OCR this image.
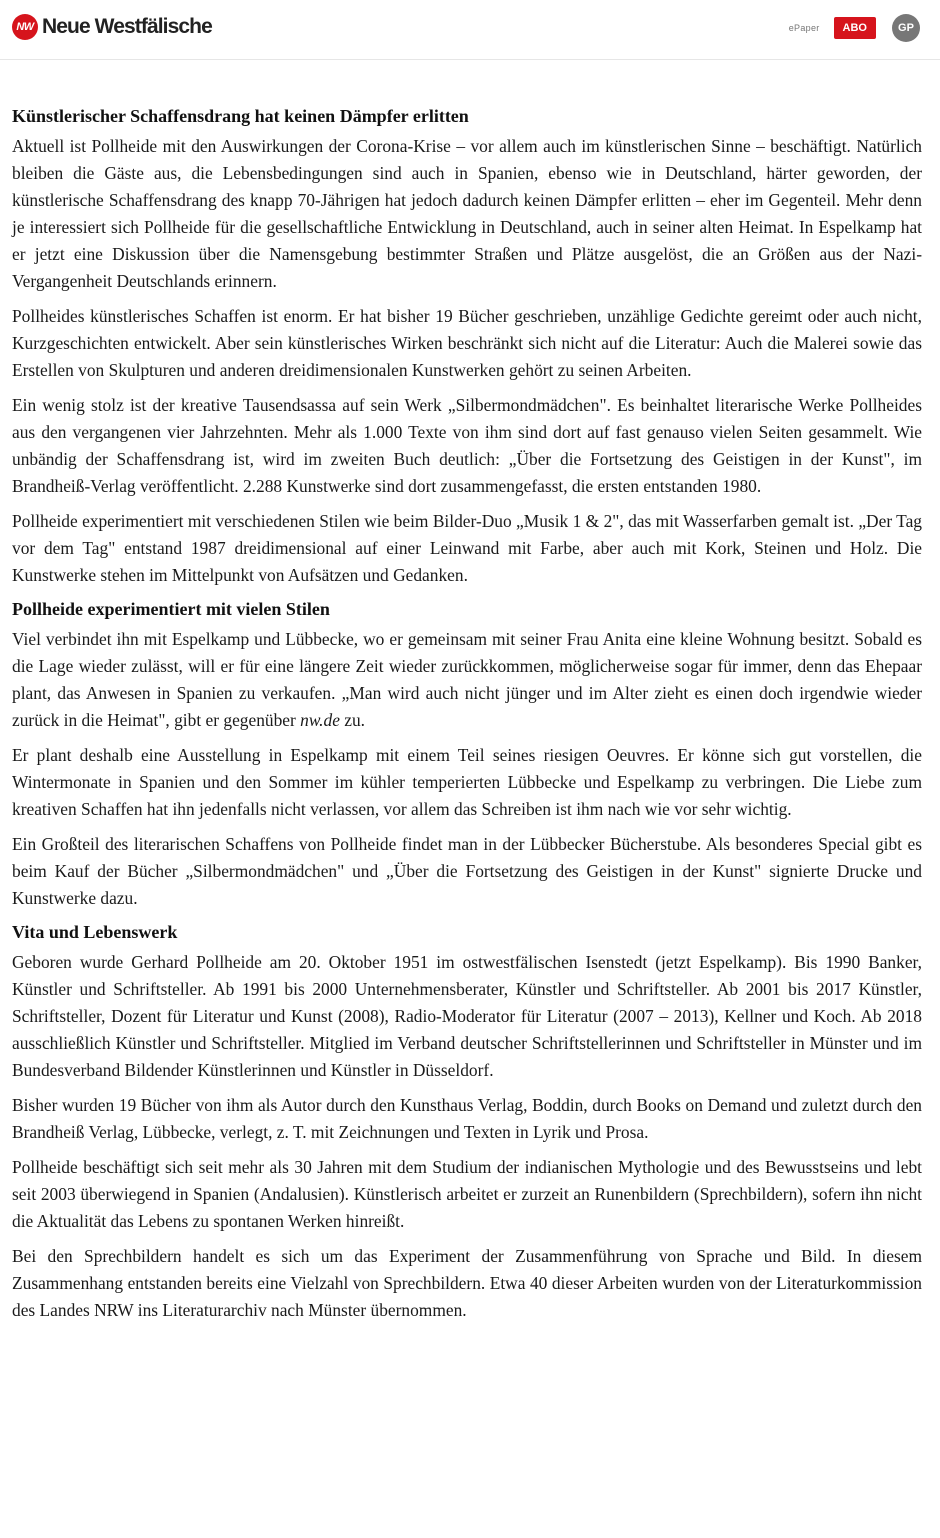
NW Neue Westfälische	ePaper	ABO	GP
Künstlerischer Schaffensdrang hat keinen Dämpfer erlitten

Aktuell ist Pollheide mit den Auswirkungen der Corona-Krise – vor allem auch im künstlerischen Sinne – beschäftigt. Natürlich bleiben die Gäste aus, die Lebensbedingungen sind auch in Spanien, ebenso wie in Deutschland, härter geworden, der künstlerische Schaffensdrang des knapp 70-Jährigen hat jedoch dadurch keinen Dämpfer erlitten – eher im Gegenteil. Mehr denn je interessiert sich Pollheide für die gesellschaftliche Entwicklung in Deutschland, auch in seiner alten Heimat. In Espelkamp hat er jetzt eine Diskussion über die Namensgebung bestimmter Straßen und Plätze ausgelöst, die an Größen aus der Nazi-Vergangenheit Deutschlands erinnern.

Pollheides künstlerisches Schaffen ist enorm. Er hat bisher 19 Bücher geschrieben, unzählige Gedichte gereimt oder auch nicht, Kurzgeschichten entwickelt. Aber sein künstlerisches Wirken beschränkt sich nicht auf die Literatur: Auch die Malerei sowie das Erstellen von Skulpturen und anderen dreidimensionalen Kunstwerken gehört zu seinen Arbeiten.

Ein wenig stolz ist der kreative Tausendsassa auf sein Werk „Silbermondmädchen". Es beinhaltet literarische Werke Pollheides aus den vergangenen vier Jahrzehnten. Mehr als 1.000 Texte von ihm sind dort auf fast genauso vielen Seiten gesammelt. Wie unbändig der Schaffensdrang ist, wird im zweiten Buch deutlich: „Über die Fortsetzung des Geistigen in der Kunst", im Brandheiß-Verlag veröffentlicht. 2.288 Kunstwerke sind dort zusammengefasst, die ersten entstanden 1980.

Pollheide experimentiert mit verschiedenen Stilen wie beim Bilder-Duo „Musik 1 & 2", das mit Wasserfarben gemalt ist. „Der Tag vor dem Tag" entstand 1987 dreidimensional auf einer Leinwand mit Farbe, aber auch mit Kork, Steinen und Holz. Die Kunstwerke stehen im Mittelpunkt von Aufsätzen und Gedanken.

Pollheide experimentiert mit vielen Stilen

Viel verbindet ihn mit Espelkamp und Lübbecke, wo er gemeinsam mit seiner Frau Anita eine kleine Wohnung besitzt. Sobald es die Lage wieder zulässt, will er für eine längere Zeit wieder zurückkommen, möglicherweise sogar für immer, denn das Ehepaar plant, das Anwesen in Spanien zu verkaufen. „Man wird auch nicht jünger und im Alter zieht es einen doch irgendwie wieder zurück in die Heimat", gibt er gegenüber nw.de zu.

Er plant deshalb eine Ausstellung in Espelkamp mit einem Teil seines riesigen Oeuvres. Er könne sich gut vorstellen, die Wintermonate in Spanien und den Sommer im kühler temperierten Lübbecke und Espelkamp zu verbringen. Die Liebe zum kreativen Schaffen hat ihn jedenfalls nicht verlassen, vor allem das Schreiben ist ihm nach wie vor sehr wichtig.

Ein Großteil des literarischen Schaffens von Pollheide findet man in der Lübbecker Bücherstube. Als besonderes Special gibt es beim Kauf der Bücher „Silbermondmädchen" und „Über die Fortsetzung des Geistigen in der Kunst" signierte Drucke und Kunstwerke dazu.

Vita und Lebenswerk

Geboren wurde Gerhard Pollheide am 20. Oktober 1951 im ostwestfälischen Isenstedt (jetzt Espelkamp). Bis 1990 Banker, Künstler und Schriftsteller. Ab 1991 bis 2000 Unternehmensberater, Künstler und Schriftsteller. Ab 2001 bis 2017 Künstler, Schriftsteller, Dozent für Literatur und Kunst (2008), Radio-Moderator für Literatur (2007 – 2013), Kellner und Koch. Ab 2018 ausschließlich Künstler und Schriftsteller. Mitglied im Verband deutscher Schriftstellerinnen und Schriftsteller in Münster und im Bundesverband Bildender Künstlerinnen und Künstler in Düsseldorf.

Bisher wurden 19 Bücher von ihm als Autor durch den Kunsthaus Verlag, Boddin, durch Books on Demand und zuletzt durch den Brandheiß Verlag, Lübbecke, verlegt, z. T. mit Zeichnungen und Texten in Lyrik und Prosa.

Pollheide beschäftigt sich seit mehr als 30 Jahren mit dem Studium der indianischen Mythologie und des Bewusstseins und lebt seit 2003 überwiegend in Spanien (Andalusien). Künstlerisch arbeitet er zurzeit an Runenbildern (Sprechbildern), sofern ihn nicht die Aktualität das Lebens zu spontanen Werken hinreißt.

Bei den Sprechbildern handelt es sich um das Experiment der Zusammenführung von Sprache und Bild. In diesem Zusammenhang entstanden bereits eine Vielzahl von Sprechbildern. Etwa 40 dieser Arbeiten wurden von der Literaturkommission des Landes NRW ins Literaturarchiv nach Münster übernommen.
